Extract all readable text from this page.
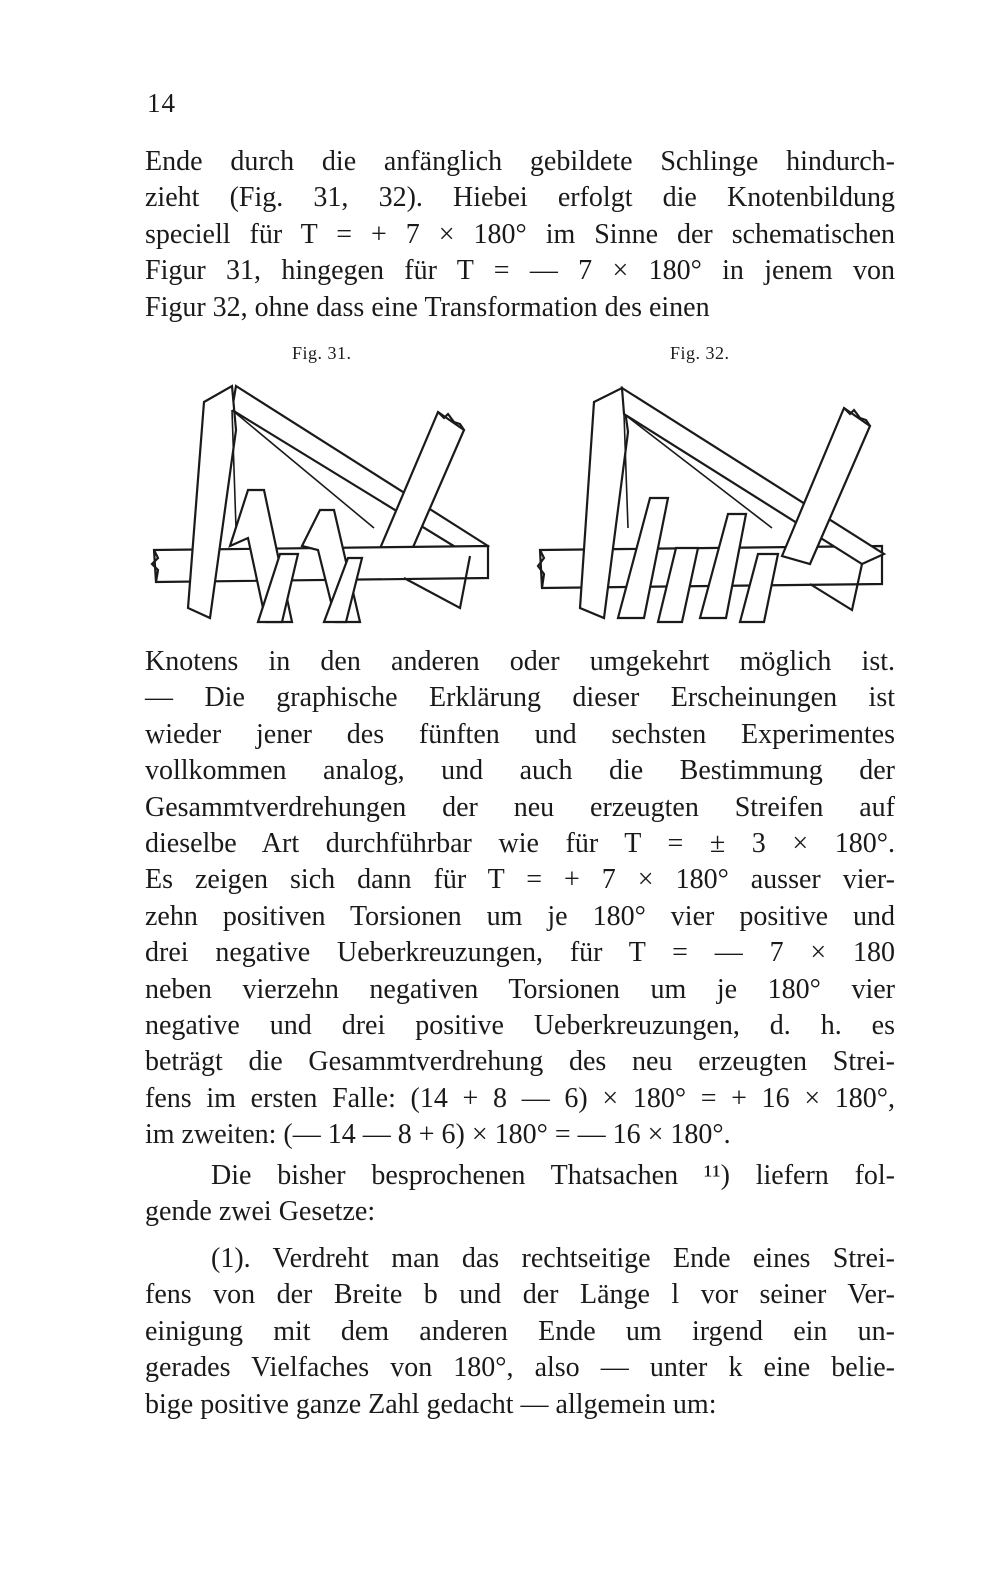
14
Ende durch die anfänglich gebildete Schlinge hindurch-
zieht (Fig. 31, 32). Hiebei erfolgt die Knotenbildung
speciell für T = + 7 × 180° im Sinne der schematischen
Figur 31, hingegen für T = — 7 × 180° in jenem von
Figur 32, ohne dass eine Transformation des einen
Fig. 31.	Fig. 32.
Knotens in den anderen oder umgekehrt möglich ist.
— Die graphische Erklärung dieser Erscheinungen ist
wieder jener des fünften und sechsten Experimentes
vollkommen analog, und auch die Bestimmung der
Gesammtverdrehungen der neu erzeugten Streifen auf
dieselbe Art durchführbar wie für T = ± 3 × 180°.
Es zeigen sich dann für T = + 7 × 180° ausser vier-
zehn positiven Torsionen um je 180° vier positive und
drei negative Ueberkreuzungen, für T = — 7 × 180
neben vierzehn negativen Torsionen um je 180° vier
negative und drei positive Ueberkreuzungen, d. h. es
beträgt die Gesammtverdrehung des neu erzeugten Strei-
fens im ersten Falle: (14 + 8 — 6) × 180° = + 16 × 180°,
im zweiten: (— 14 — 8 + 6) × 180° = — 16 × 180°.
Die bisher besprochenen Thatsachen ¹¹) liefern fol-
gende zwei Gesetze:
(1). Verdreht man das rechtseitige Ende eines Strei-
fens von der Breite b und der Länge l vor seiner Ver-
einigung mit dem anderen Ende um irgend ein un-
gerades Vielfaches von 180°, also — unter k eine belie-
bige positive ganze Zahl gedacht — allgemein um:
